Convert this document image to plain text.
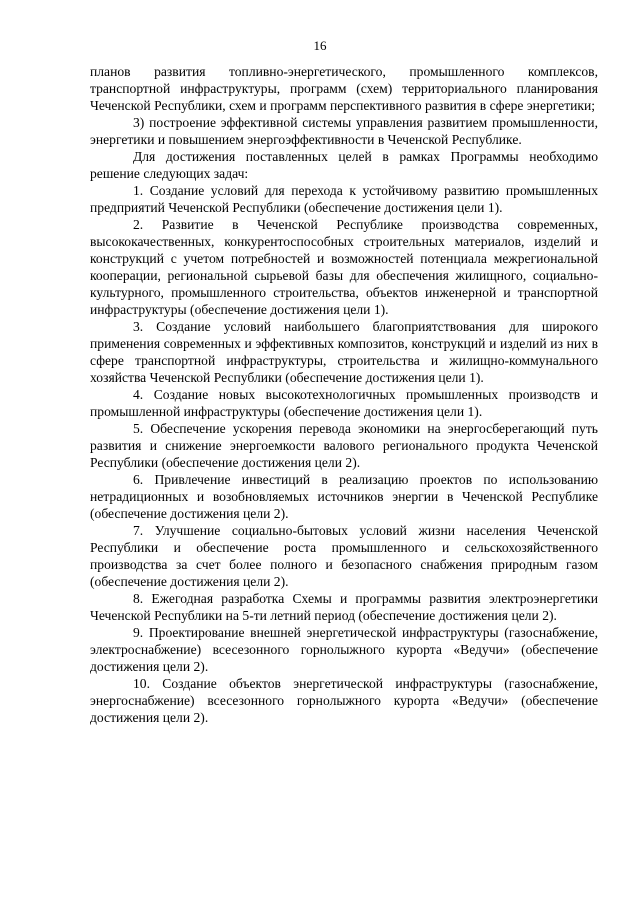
16

планов развития топливно-энергетического, промышленного комплексов, транспортной инфраструктуры, программ (схем) территориального планирования Чеченской Республики, схем и программ перспективного развития в сфере энергетики;

3) построение эффективной системы управления развитием промышленности, энергетики и повышением энергоэффективности в Чеченской Республике.

Для достижения поставленных целей в рамках Программы необходимо решение следующих задач:

1. Создание условий для перехода к устойчивому развитию промышленных предприятий Чеченской Республики (обеспечение достижения цели 1).

2. Развитие в Чеченской Республике производства современных, высококачественных, конкурентоспособных строительных материалов, изделий и конструкций с учетом потребностей и возможностей потенциала межрегиональной кооперации, региональной сырьевой базы для обеспечения жилищного, социально-культурного, промышленного строительства, объектов инженерной и транспортной инфраструктуры (обеспечение достижения цели 1).

3. Создание условий наибольшего благоприятствования для широкого применения современных и эффективных композитов, конструкций и изделий из них в сфере транспортной инфраструктуры, строительства и жилищно-коммунального хозяйства Чеченской Республики (обеспечение достижения цели 1).

4. Создание новых высокотехнологичных промышленных производств и промышленной инфраструктуры (обеспечение достижения цели 1).

5. Обеспечение ускорения перевода экономики на энергосберегающий путь развития и снижение энергоемкости валового регионального продукта Чеченской Республики (обеспечение достижения цели 2).

6. Привлечение инвестиций в реализацию проектов по использованию нетрадиционных и возобновляемых источников энергии в Чеченской Республике (обеспечение достижения цели 2).

7. Улучшение социально-бытовых условий жизни населения Чеченской Республики и обеспечение роста промышленного и сельскохозяйственного производства за счет более полного и безопасного снабжения природным газом (обеспечение достижения цели 2).

8. Ежегодная разработка Схемы и программы развития электроэнергетики Чеченской Республики на 5-ти летний период (обеспечение достижения цели 2).

9. Проектирование внешней энергетической инфраструктуры (газоснабжение, электроснабжение) всесезонного горнолыжного курорта «Ведучи» (обеспечение достижения цели 2).

10. Создание объектов энергетической инфраструктуры (газоснабжение, энергоснабжение) всесезонного горнолыжного курорта «Ведучи» (обеспечение достижения цели 2).
